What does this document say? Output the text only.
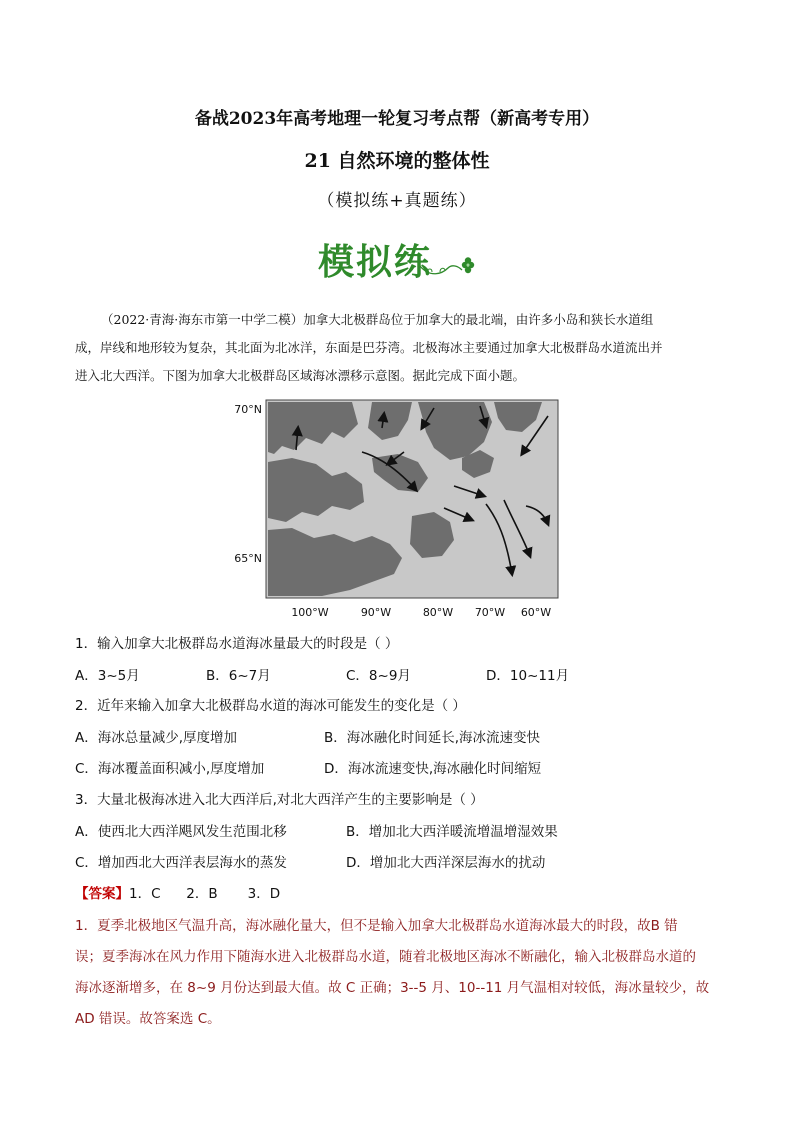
备战2023年高考地理一轮复习考点帮（新高考专用）
21 自然环境的整体性
（模拟练+真题练）
模拟练
（2022·青海·海东市第一中学二模）加拿大北极群岛位于加拿大的最北端，由许多小岛和狭长水道组
成，岸线和地形较为复杂，其北面为北冰洋，东面是巴芬湾。北极海冰主要通过加拿大北极群岛水道流出并
进入北大西洋。下图为加拿大北极群岛区域海冰漂移示意图。据此完成下面小题。
70°N
65°N
100°W	90°W	80°W 70°W 60°W
1．输入加拿大北极群岛水道海冰量最大的时段是（ ）
A．3~5月	B．6~7月	C．8~9月	D．10~11月
2．近年来输入加拿大北极群岛水道的海冰可能发生的变化是（ ）
A．海冰总量减少,厚度增加	B．海冰融化时间延长,海冰流速变快
C．海冰覆盖面积减小,厚度增加	D．海冰流速变快,海冰融化时间缩短
3．大量北极海冰进入北大西洋后,对北大西洋产生的主要影响是（ ）
A．使西北大西洋飓风发生范围北移	B．增加北大西洋暖流增温增湿效果
C．增加西北大西洋表层海水的蒸发	D．增加北大西洋深层海水的扰动
【答案】1．C      2．B       3．D
1．夏季北极地区气温升高，海冰融化量大，但不是输入加拿大北极群岛水道海冰最大的时段，故B 错
误；夏季海冰在风力作用下随海水进入北极群岛水道，随着北极地区海冰不断融化，输入北极群岛水道的
海冰逐渐增多，在 8~9 月份达到最大值。故 C 正确；3--5 月、10--11 月气温相对较低，海冰量较少，故
AD 错误。故答案选 C。
